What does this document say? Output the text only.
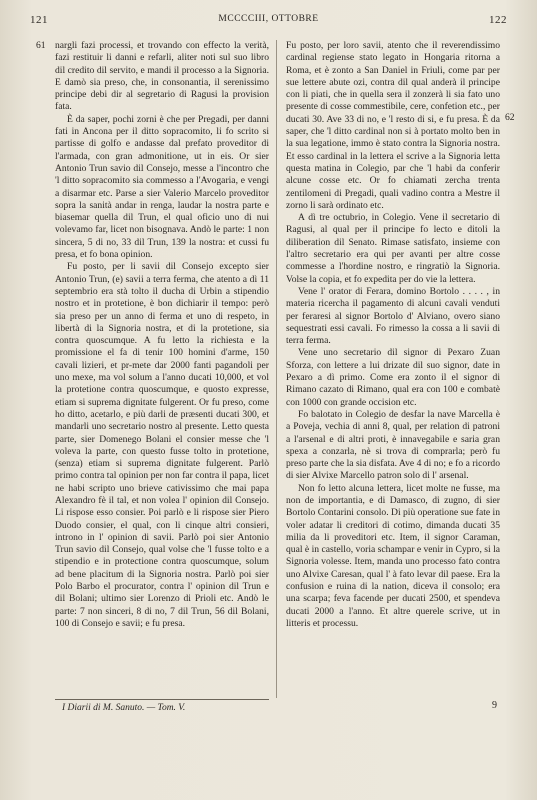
121	MCCCCIII, OTTOBRE	122
61
62

nargli fazi processi, et trovando con effecto la verità, fazi restituir li danni e refarli, aliter noti sul suo libro dil credito dil servito, e mandi il processo a la Signoria. E damò sia preso, che, in consonantia, il serenissimo principe debi dir al segretario di Ragusi la provision fata.

È da saper, pochi zorni è che per Pregadi, per danni fati in Ancona per il ditto sopracomito, li fo scrito si partisse di golfo e andasse dal prefato proveditor di l'armada, con gran admonitione, ut in eis. Or sier Antonio Trun savio dil Consejo, messe a l'incontro che 'l ditto sopracomito sia commesso a l'Avogaria, e vengi a disarmar etc. Parse a sier Valerio Marcelo proveditor sopra la sanità andar in renga, laudar la nostra parte e biasemar quella dil Trun, el qual oficio uno di nui volevamo far, licet non bisognava. Andò le parte: 1 non sincera, 5 di no, 33 dil Trun, 139 la nostra: et cussi fu presa, et fo bona opinion.

Fu posto, per li savii dil Consejo excepto sier Antonio Trun, (e) savii a terra ferma, che atento a dì 11 septembrio era stà tolto il ducha di Urbin a stipendio nostro et in protetione, è bon dichiarir il tempo: però sia preso per un anno di ferma et uno di respeto, in libertà di la Signoria nostra, et di la protetione, sia contra quoscumque. A fu letto la richiesta e la promissione el fa di tenir 100 homini d'arme, 150 cavali lizieri, et pr-mete dar 2000 fanti pagandoli per uno mexe, ma vol solum a l'anno ducati 10,000, et vol la protetione contra quoscumque, e quosto expresse, etiam si suprema dignitate fulgerent. Or fu preso, come ho ditto, acetarlo, e più darli de præsenti ducati 300, et mandarli uno secretario nostro al presente. Letto questa parte, sier Domenego Bolani el consier messe che 'l voleva la parte, con questo fusse tolto in protetione, (senza) etiam si suprema dignitate fulgerent. Parlò primo contra tal opinion per non far contra il papa, licet ne habi scripto uno brieve cativissimo che mai papa Alexandro fè il tal, et non volea l' opinion dil Consejo. Li rispose esso consier. Poi parlò e li rispose sier Piero Duodo consier, el qual, con li cinque altri consieri, introno in l' opinion di savii. Parlò poi sier Antonio Trun savio dil Consejo, qual volse che 'l fusse tolto e a stipendio e in protectione contra quoscumque, solum ad bene placitum di la Signoria nostra. Parlò poi sier Polo Barbo el procurator, contra l' opinion dil Trun e dil Bolani; ultimo sier Lorenzo di Prioli etc. Andò le parte: 7 non sinceri, 8 di no, 7 dil Trun, 56 dil Bolani, 100 di Consejo e savii; e fu presa.

Fu posto, per loro savii, atento che il reverendissimo cardinal regiense stato legato in Hongaria ritorna a Roma, et è zonto a San Daniel in Friuli, come par per sue lettere abute ozi, contra dil qual anderà il principe con li piati, che in quella sera il zonzerà li sia fato uno presente di cosse commestibile, cere, confetion etc., per ducati 30. Ave 33 di no, e 'l resto di si, e fu presa. È da saper, che 'l ditto cardinal non si à portato molto ben in la sua legatione, immo è stato contra la Signoria nostra. Et esso cardinal in la lettera el scrive a la Signoria letta questa matina in Colegio, par che 'l habi da conferir alcune cosse etc. Or fo chiamati zercha trenta zentilomeni di Pregadi, quali vadino contra a Mestre il zorno li sarà ordinato etc.

A dì tre octubrio, in Colegio. Vene il secretario di Ragusi, al qual per il principe fo lecto e ditoli la diliberation dil Senato. Rimase satisfato, insieme con l'altro secretario era qui per avanti per altre cosse commesse a l'hordine nostro, e ringratiò la Signoria. Volse la copia, et fo expedita per do vie la lettera.

Vene l' orator di Ferara, domino Bortolo . . . . , in materia ricercha il pagamento di alcuni cavali venduti per feraresi al signor Bortolo d' Alviano, overo siano sequestrati essi cavali. Fo rimesso la cossa a li savii di terra ferma.

Vene uno secretario dil signor di Pexaro Zuan Sforza, con lettere a lui drizate dil suo signor, date in Pexaro a dì primo. Come era zonto il el signor di Rimano cazato di Rimano, qual era con 100 e combatè con 1000 con grande occision etc.

Fo balotato in Colegio de desfar la nave Marcella è a Poveja, vechia di anni 8, qual, per relation di patroni a l'arsenal e di altri proti, è innavegabile e saria gran spexa a conzarla, nè si trova di comprarla; però fu preso parte che la sia disfata. Ave 4 di no; e fo a ricordo di sier Alvixe Marcello patron solo di l' arsenal.

Non fo letto alcuna lettera, licet molte ne fusse, ma non de importantia, e di Damasco, di zugno, di sier Bortolo Contarini consolo. Di più operatione sue fate in voler adatar li creditori di cotimo, dimanda ducati 35 milia da li proveditori etc. Item, il signor Caraman, qual è in castello, voria schampar e venir in Cypro, si la Signoria volesse. Item, manda uno processo fato contra uno Alvixe Caresan, qual l' à fato levar dil paese. Era la confusion e ruina di la nation, diceva il consolo; era una scarpa; feva facende per ducati 2500, et spendeva ducati 2000 a l'anno. Et altre querele scrive, ut in litteris et processu.

I Diarii di M. Sanuto. — Tom. V.	9
